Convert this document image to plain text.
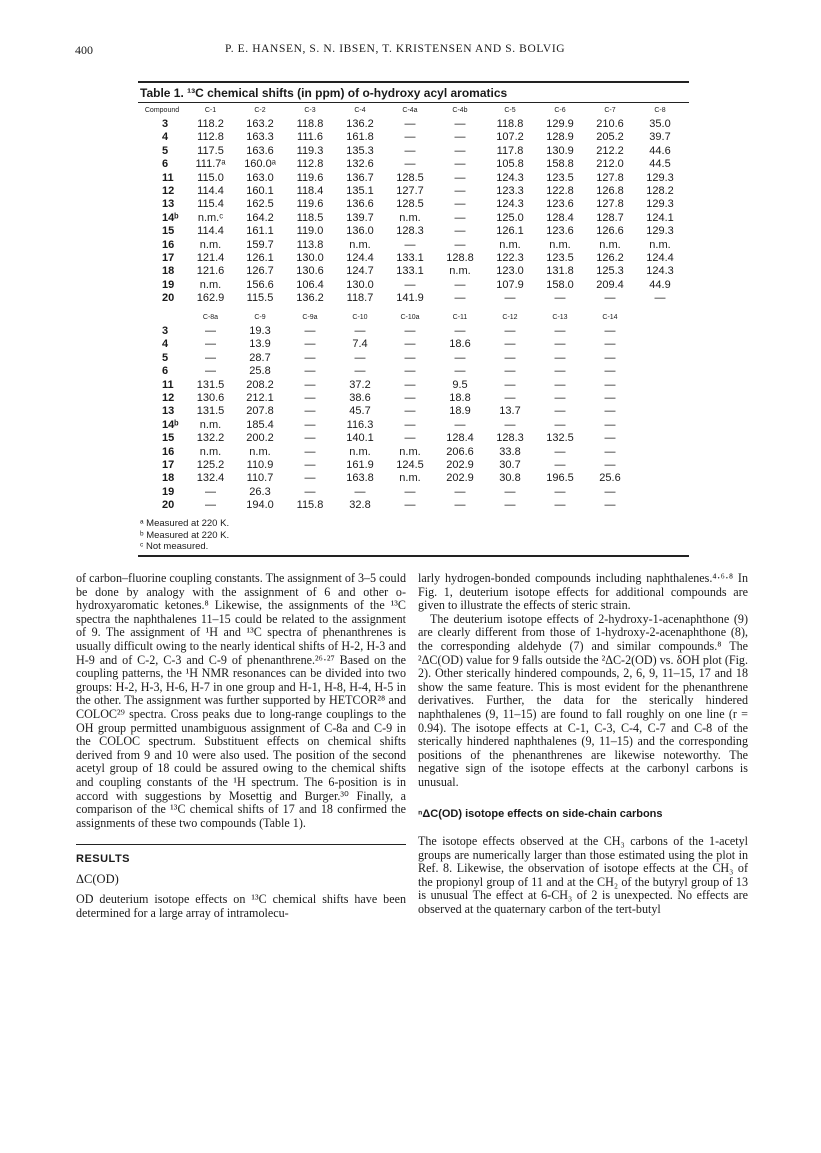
400	P. E. HANSEN, S. N. IBSEN, T. KRISTENSEN AND S. BOLVIG
Table 1. ¹³C chemical shifts (in ppm) of o-hydroxy acyl aromatics
Compound	C-1	C-2	C-3	C-4	C-4a	C-4b	C-5	C-6	C-7	C-8
3	118.2	163.2	118.8	136.2	—	—	118.8	129.9	210.6	35.0
4	112.8	163.3	111.6	161.8	—	—	107.2	128.9	205.2	39.7
5	117.5	163.6	119.3	135.3	—	—	117.8	130.9	212.2	44.6
6	111.7ᵃ	160.0ᵃ	112.8	132.6	—	—	105.8	158.8	212.0	44.5
11	115.0	163.0	119.6	136.7	128.5	—	124.3	123.5	127.8	129.3
12	114.4	160.1	118.4	135.1	127.7	—	123.3	122.8	126.8	128.2
13	115.4	162.5	119.6	136.6	128.5	—	124.3	123.6	127.8	129.3
14ᵇ	n.m.ᶜ	164.2	118.5	139.7	n.m.	—	125.0	128.4	128.7	124.1
15	114.4	161.1	119.0	136.0	128.3	—	126.1	123.6	126.6	129.3
16	n.m.	159.7	113.8	n.m.	—	—	n.m.	n.m.	n.m.	n.m.
17	121.4	126.1	130.0	124.4	133.1	128.8	122.3	123.5	126.2	124.4
18	121.6	126.7	130.6	124.7	133.1	n.m.	123.0	131.8	125.3	124.3
19	n.m.	156.6	106.4	130.0	—	—	107.9	158.0	209.4	44.9
20	162.9	115.5	136.2	118.7	141.9	—	—	—	—	—
	C-8a	C-9	C-9a	C-10	C-10a	C-11	C-12	C-13	C-14	
3	—	19.3	—	—	—	—	—	—	—	
4	—	13.9	—	7.4	—	18.6	—	—	—	
5	—	28.7	—	—	—	—	—	—	—	
6	—	25.8	—	—	—	—	—	—	—	
11	131.5	208.2	—	37.2	—	9.5	—	—	—	
12	130.6	212.1	—	38.6	—	18.8	—	—	—	
13	131.5	207.8	—	45.7	—	18.9	13.7	—	—	
14ᵇ	n.m.	185.4	—	116.3	—	—	—	—	—	
15	132.2	200.2	—	140.1	—	128.4	128.3	132.5	—	
16	n.m.	n.m.	—	n.m.	n.m.	206.6	33.8	—	—	
17	125.2	110.9	—	161.9	124.5	202.9	30.7	—	—	
18	132.4	110.7	—	163.8	n.m.	202.9	30.8	196.5	25.6	
19	—	26.3	—	—	—	—	—	—	—	
20	—	194.0	115.8	32.8	—	—	—	—	—	
ᵃ Measured at 220 K.
ᵇ Measured at 220 K.
ᶜ Not measured.

of carbon–fluorine coupling constants. The assignment of 3–5 could be done by analogy with the assignment of 6 and other o-hydroxyaromatic ketones.⁸ Likewise, the assignments of the ¹³C spectra the naphthalenes 11–15 could be related to the assignment of 9. The assignment of ¹H and ¹³C spectra of phenanthrenes is usually difficult owing to the nearly identical shifts of H-2, H-3 and H-9 and of C-2, C-3 and C-9 of phenanthrene.²⁶·²⁷ Based on the coupling patterns, the ¹H NMR resonances can be divided into two groups: H-2, H-3, H-6, H-7 in one group and H-1, H-8, H-4, H-5 in the other. The assignment was further supported by HETCOR²⁸ and COLOC²⁹ spectra. Cross peaks due to long-range couplings to the OH group permitted unambiguous assignment of C-8a and C-9 in the COLOC spectrum. Substituent effects on chemical shifts derived from 9 and 10 were also used. The position of the second acetyl group of 18 could be assured owing to the chemical shifts and coupling constants of the ¹H spectrum. The 6-position is in accord with suggestions by Mosettig and Burger.³⁰ Finally, a comparison of the ¹³C chemical shifts of 17 and 18 confirmed the assignments of these two compounds (Table 1).

RESULTS
ΔC(OD)

OD deuterium isotope effects on ¹³C chemical shifts have been determined for a large array of intramolecu-

larly hydrogen-bonded compounds including naphthalenes.⁴·⁶·⁸ In Fig. 1, deuterium isotope effects for additional compounds are given to illustrate the effects of steric strain.

The deuterium isotope effects of 2-hydroxy-1-acenaphthone (9) are clearly different from those of 1-hydroxy-2-acenaphthone (8), the corresponding aldehyde (7) and similar compounds.⁸ The ²ΔC(OD) value for 9 falls outside the ²ΔC-2(OD) vs. δOH plot (Fig. 2). Other sterically hindered compounds, 2, 6, 9, 11–15, 17 and 18 show the same feature. This is most evident for the phenanthrene derivatives. Further, the data for the sterically hindered naphthalenes (9, 11–15) are found to fall roughly on one line (r = 0.94). The isotope effects at C-1, C-3, C-4, C-7 and C-8 of the sterically hindered naphthalenes (9, 11–15) and the corresponding positions of the phenanthrenes are likewise noteworthy. The negative sign of the isotope effects at the carbonyl carbons is unusual.

ⁿΔC(OD) isotope effects on side-chain carbons

The isotope effects observed at the CH₃ carbons of the 1-acetyl groups are numerically larger than those estimated using the plot in Ref. 8. Likewise, the observation of isotope effects at the CH₃ of the propionyl group of 11 and at the CH₂ of the butyryl group of 13 is unusual The effect at 6-CH₃ of 2 is unexpected. No effects are observed at the quaternary carbon of the tert-butyl
